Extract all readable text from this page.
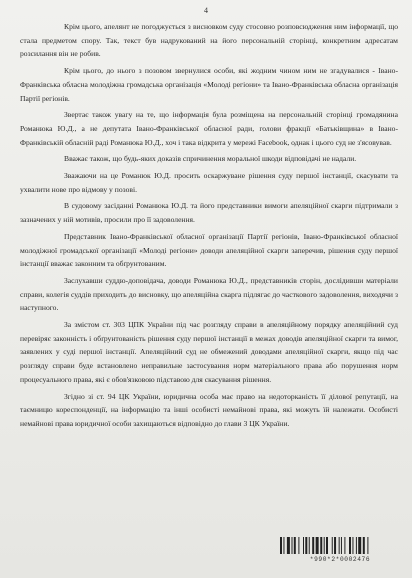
4

Крім цього, апелянт не погоджується з висновком суду стосовно розповсюдження ним інформації, що стала предметом спору. Так, текст був надрукований на його персональній сторінці, конкретним адресатам розсилання він не робив.

Крім цього, до нього з позовом звернулися особи, які жодним чином ним не згадувалися - Івано-Франківська обласна молодіжна громадська організація «Молоді регіони» та Івано-Франківська обласна організація Партії регіонів.

Звертає також увагу на те, що інформація була розміщена на персональній сторінці громадянина Романюка Ю.Д., а не депутата Івано-Франківської обласної ради, голови фракції «Батьківщина» в Івано-Франківській обласній раді Романюка Ю.Д., хоч і така відкрита у мережі Facebook, однак і цього суд не з'ясовував.

Вважає також, що будь-яких доказів спричинення моральної шкоди відповідачі не надали.

Зважаючи на це Романюк Ю.Д. просить оскаржуване рішення суду першої інстанції, скасувати та ухвалити нове про відмову у позові.

В судовому засіданні Романюка Ю.Д. та його представники вимоги апеляційної скарги підтримали з зазначених у ній мотивів, просили про її задоволення.

Представник Івано-Франківської обласної організації Партії регіонів, Івано-Франківської обласної молодіжної громадської організації «Молоді регіони» доводи апеляційної скарги заперечив, рішення суду першої інстанції вважає законним та обґрунтованим.

Заслухавши суддю-доповідача, доводи Романюка Ю.Д., представників сторін, дослідивши матеріали справи, колегія суддів приходить до висновку, що апеляційна скарга підлягає до часткового задоволення, виходячи з наступного.

За змістом ст. 303 ЦПК України під час розгляду справи в апеляційному порядку апеляційний суд перевіряє законність і обґрунтованість рішення суду першої інстанції в межах доводів апеляційної скарги та вимог, заявлених у суді першої інстанції. Апеляційний суд не обмежений доводами апеляційної скарги, якщо під час розгляду справи буде встановлено неправильне застосування норм матеріального права або порушення норм процесуального права, які є обов'язковою підставою для скасування рішення.

Згідно зі ст. 94 ЦК України, юридична особа має право на недоторканість її ділової репутації, на таємницю кореспонденції, на інформацію та інші особисті немайнові права, які можуть їй належати. Особисті немайнові права юридичної особи захищаються відповідно до глави 3 ЦК України.

*990*2*0002476
